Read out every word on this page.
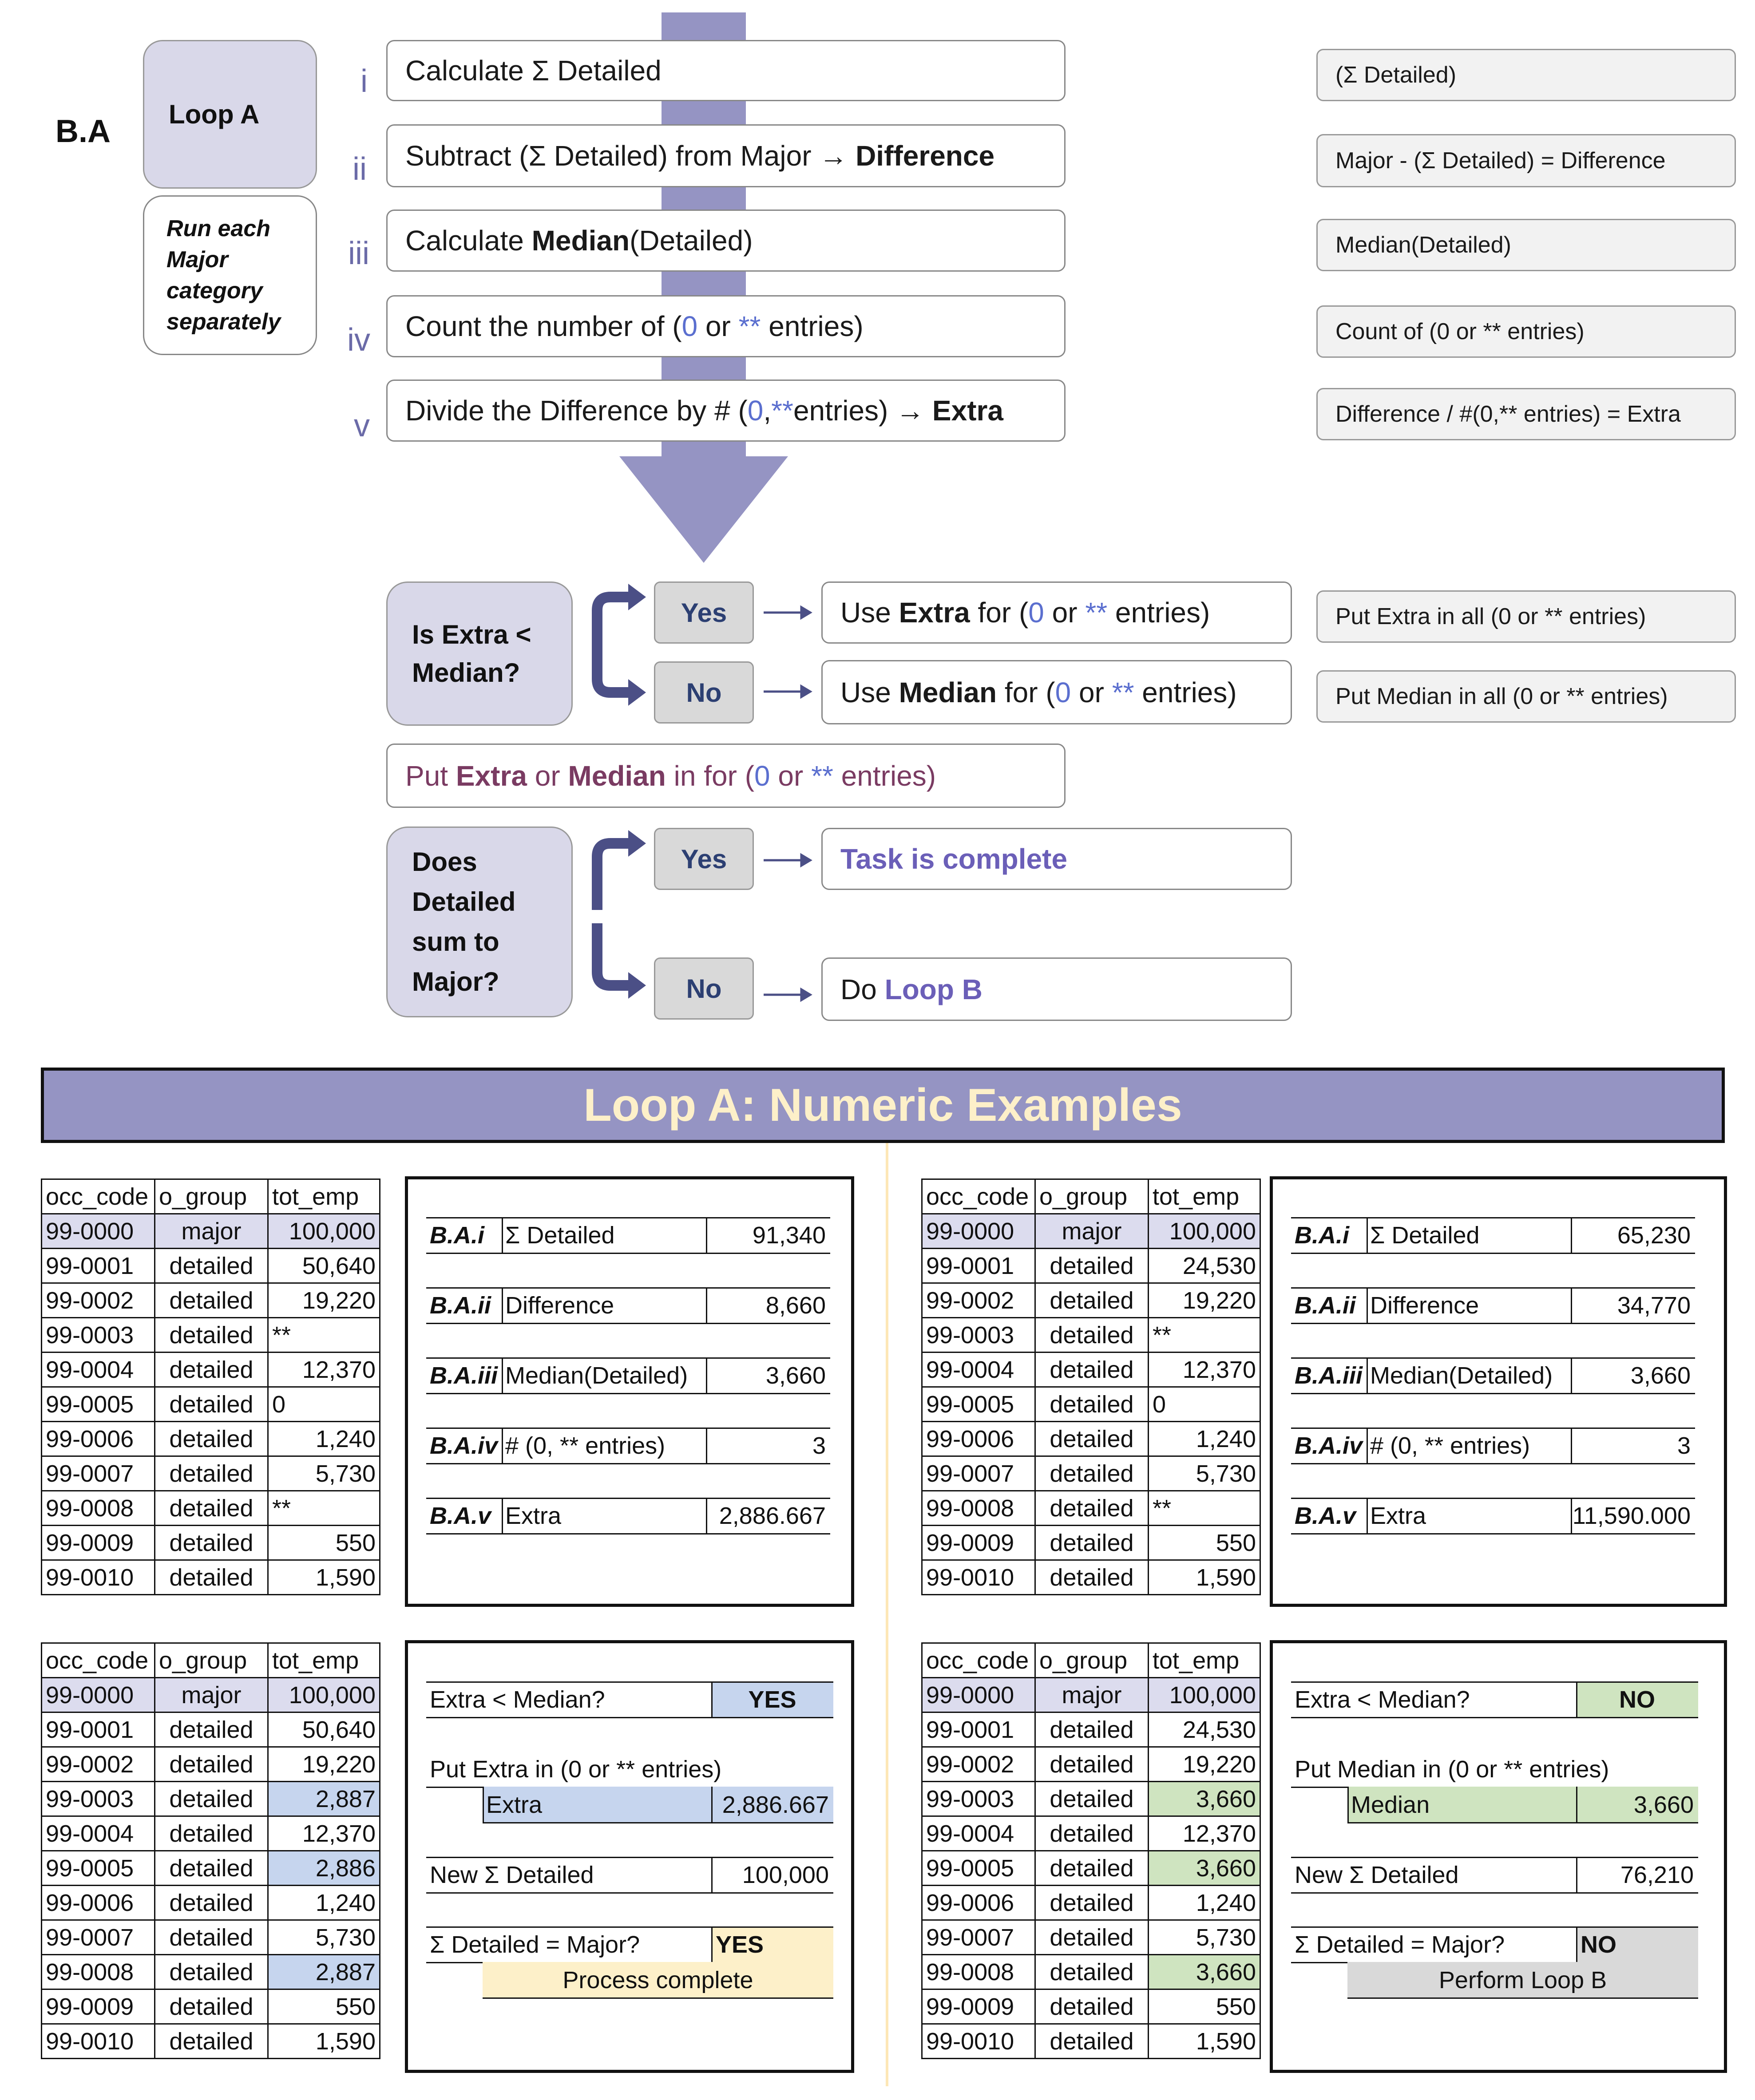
B.A Loop A
Run each Major category separately
i
ii
iii
iv
v
Calculate Σ Detailed
Subtract (Σ Detailed) from Major → Difference
Calculate Median (Detailed)
Count the number of ( 0 or ** entries)
Divide the Difference by # ( 0 , ** entries) → Extra
(Σ Detailed)
Major - (Σ Detailed) = Difference
Median(Detailed)
Count of (0 or ** entries)
Difference / #(0,** entries) = Extra
Is Extra < Median?
Yes
No
Use Extra for ( 0 or ** entries)
Use Median for ( 0 or ** entries)
Put Extra in all (0 or ** entries)
Put Median in all (0 or ** entries)
Put Extra or Median in for ( 0 or ** entries)
Does Detailed sum to Major?
Yes
No
Task is complete
Do Loop B
Loop A: Numeric Examples
occ_code	o_group	tot_emp
99-0000	major	100,000
99-0001	detailed	50,640
99-0002	detailed	19,220
99-0003	detailed	**
99-0004	detailed	12,370
99-0005	detailed	0
99-0006	detailed	1,240
99-0007	detailed	5,730
99-0008	detailed	**
99-0009	detailed	550
99-0010	detailed	1,590
occ_code	o_group	tot_emp
99-0000	major	100,000
99-0001	detailed	24,530
99-0002	detailed	19,220
99-0003	detailed	**
99-0004	detailed	12,370
99-0005	detailed	0
99-0006	detailed	1,240
99-0007	detailed	5,730
99-0008	detailed	**
99-0009	detailed	550
99-0010	detailed	1,590
occ_code	o_group	tot_emp
99-0000	major	100,000
99-0001	detailed	50,640
99-0002	detailed	19,220
99-0003	detailed	2,887
99-0004	detailed	12,370
99-0005	detailed	2,886
99-0006	detailed	1,240
99-0007	detailed	5,730
99-0008	detailed	2,887
99-0009	detailed	550
99-0010	detailed	1,590
occ_code	o_group	tot_emp
99-0000	major	100,000
99-0001	detailed	24,530
99-0002	detailed	19,220
99-0003	detailed	3,660
99-0004	detailed	12,370
99-0005	detailed	3,660
99-0006	detailed	1,240
99-0007	detailed	5,730
99-0008	detailed	3,660
99-0009	detailed	550
99-0010	detailed	1,590
B.A.i Σ Detailed	91,340
B.A.ii Difference	8,660
B.A.iii Median(Detailed)	3,660
B.A.iv # (0, ** entries)	3
B.A.v Extra	2,886.667
B.A.i Σ Detailed	65,230
B.A.ii Difference	34,770
B.A.iii Median(Detailed)	3,660
B.A.iv # (0, ** entries)	3
B.A.v Extra	11,590.000
Extra < Median?	YES
Put Extra in (0 or ** entries)
Extra	2,886.667
New Σ Detailed	100,000
Σ Detailed = Major?	YES
Process complete
Extra < Median?	NO
Put Median in (0 or ** entries)
Median	3,660
New Σ Detailed	76,210
Σ Detailed = Major?	NO
Perform Loop B
